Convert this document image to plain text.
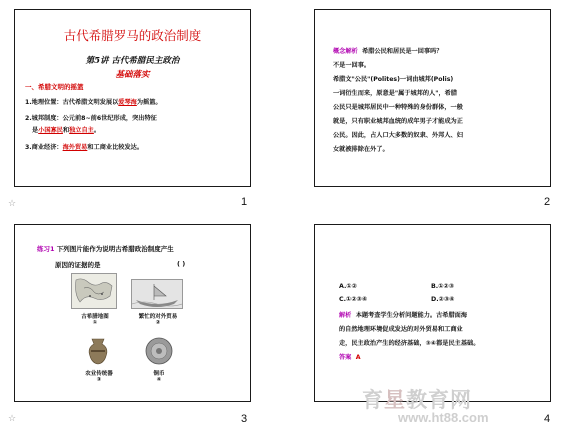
古代希腊罗马的政治制度
第5讲 古代希腊民主政治
基础落实
一、希腊文明的摇篮
1.地理位置：古代希腊文明发展以爱琴海为摇篮。
2.城邦制度：公元前8~前6世纪形成，突出特征
是小国寡民和独立自主。
3.商业经济：海外贸易和工商业比较发达。
1
☆
概念解析 希腊公民和居民是一回事吗？
不是一回事。
希腊文"公民"(Polites)一词由城邦(Polis)
一词衍生而来，原意是"属于城邦的人"，希腊
公民只是城邦居民中一种特殊的身份群体，一般
就是，只有职业城邦血统的成年男子才能成为正
公民。因此，占人口大多数的奴隶、外邦人、妇
女就被排除在外了。
2
练习1 下列图片能作为说明古希腊政治制度产生
原因的证据的是	( )
古希腊地图
①
繁忙的对外贸易
②
农业传统器
③
铜币
④
3
☆
A.①②	B.①②③
C.①②③④	D.②③④
解析 本题考查学生分析问题能力。古希腊面海
的自然地理环境促成发达的对外贸易和工商业
走，民主政治产生的经济基础，③④都是民主基础。
答案 A
4
育星教育网
www.ht88.com
